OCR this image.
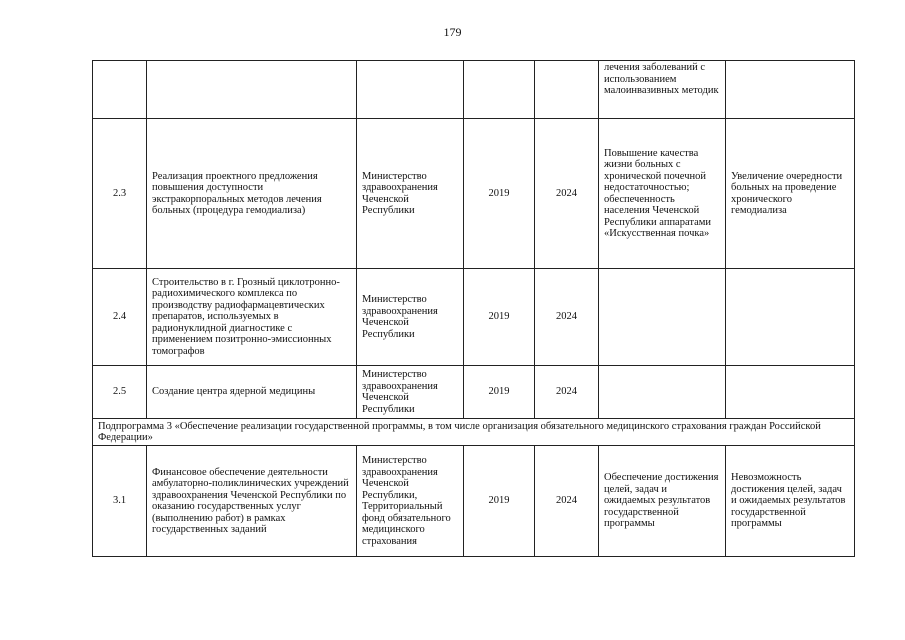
179
					лечения заболеваний с использованием малоинвазивных методик	
2.3	Реализация проектного предложения повышения доступности экстракорпоральных методов лечения больных (процедура гемодиализа)	Министерство здравоохранения Чеченской Республики	2019	2024	Повышение качества жизни больных с хронической почечной недостаточностью; обеспеченность населения Чеченской Республики аппаратами «Искусственная почка»	Увеличение очередности больных на проведение хронического гемодиализа
2.4	Строительство в г. Грозный циклотронно-радиохимического комплекса по производству радиофармацевтических препаратов, используемых в радионуклидной диагностике с применением позитронно-эмиссионных томографов	Министерство здравоохранения Чеченской Республики	2019	2024		
2.5	Создание центра ядерной медицины	Министерство здравоохранения Чеченской Республики	2019	2024		
Подпрограмма 3 «Обеспечение реализации государственной программы, в том числе организация обязательного медицинского страхования граждан Российской Федерации»						
3.1	Финансовое обеспечение деятельности амбулаторно-поликлинических учреждений здравоохранения Чеченской Республики по оказанию государственных услуг (выполнению работ) в рамках государственных заданий	Министерство здравоохранения Чеченской Республики, Территориальный фонд обязательного медицинского страхования	2019	2024	Обеспечение достижения целей, задач и ожидаемых результатов государственной программы	Невозможность достижения целей, задач и ожидаемых результатов государственной программы
